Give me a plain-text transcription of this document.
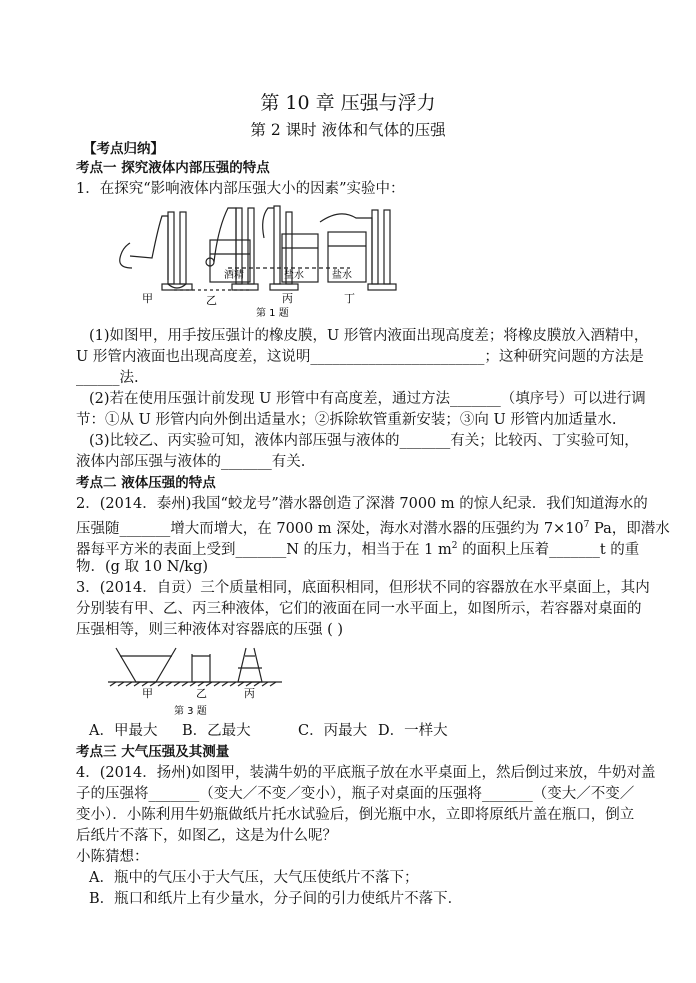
第 10 章 压强与浮力
第 2 课时 液体和气体的压强
【考点归纳】
考点一 探究液体内部压强的特点
1．在探究“影响液体内部压强大小的因素”实验中：
酒精	盐水	盐水
甲	乙	丙	丁
第 1 题
(1)如图甲，用手按压强计的橡皮膜，U 形管内液面出现高度差；将橡皮膜放入酒精中，
U 形管内液面也出现高度差，这说明________________________；这种研究问题的方法是
______法.
(2)若在使用压强计前发现 U 形管中有高度差，通过方法_______（填序号）可以进行调
节：①从 U 形管内向外倒出适量水；②拆除软管重新安装；③向 U 形管内加适量水.
(3)比较乙、丙实验可知，液体内部压强与液体的_______有关；比较丙、丁实验可知，
液体内部压强与液体的_______有关.
考点二 液体压强的特点
2．(2014．泰州)我国“蛟龙号”潜水器创造了深潜 7000 m 的惊人纪录．我们知道海水的
压强随_______增大而增大，在 7000 m 深处，海水对潜水器的压强约为 $7\times 10^7$ Pa，即潜水
器每平方米的表面上受到_______N 的压力，相当于在 1 $m^2$ 的面积上压着_______t 的重
物．(g 取 10 N/kg)
3．(2014．自贡）三个质量相同，底面积相同，但形状不同的容器放在水平桌面上，其内
分别装有甲、乙、丙三种液体，它们的液面在同一水平面上，如图所示，若容器对桌面的
压强相等，则三种液体对容器底的压强 ( )
甲	乙	丙
第 3 题
A．甲最大 B．乙最大	C．丙最大 D．一样大
考点三 大气压强及其测量
4．(2014．扬州)如图甲，装满牛奶的平底瓶子放在水平桌面上，然后倒过来放，牛奶对盖
子的压强将_______（变大／不变／变小），瓶子对桌面的压强将_______（变大／不变／
变小）．小陈利用牛奶瓶做纸片托水试验后，倒光瓶中水，立即将原纸片盖在瓶口，倒立
后纸片不落下，如图乙，这是为什么呢？
小陈猜想：
A．瓶中的气压小于大气压，大气压使纸片不落下；
B．瓶口和纸片上有少量水，分子间的引力使纸片不落下．
